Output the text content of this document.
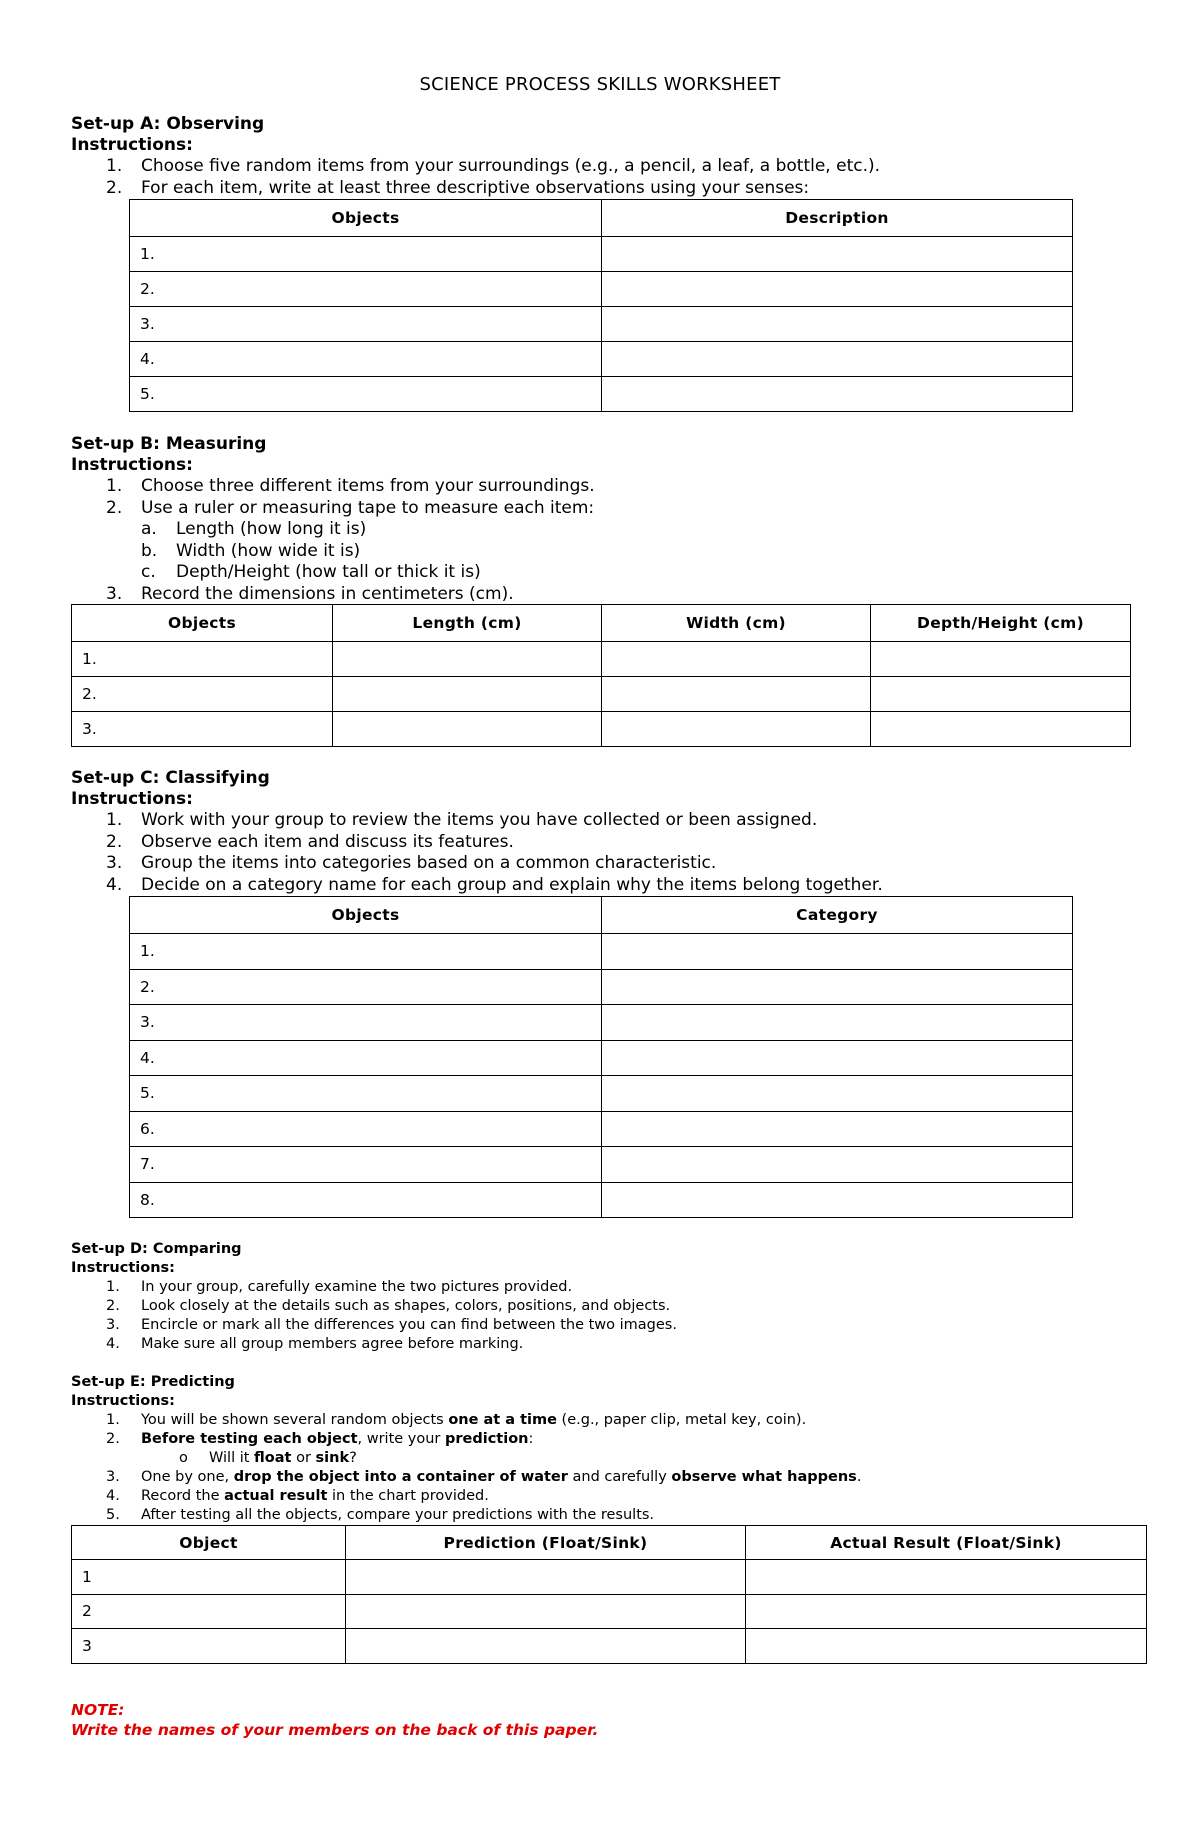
SCIENCE PROCESS SKILLS WORKSHEET
Set-up A: Observing
Instructions:
1. Choose five random items from your surroundings (e.g., a pencil, a leaf, a bottle, etc.).
2. For each item, write at least three descriptive observations using your senses:
Objects	Description
1.	
2.	
3.	
4.	
5.	
Set-up B: Measuring
Instructions:
1. Choose three different items from your surroundings.
2. Use a ruler or measuring tape to measure each item:
a. Length (how long it is)
b. Width (how wide it is)
c. Depth/Height (how tall or thick it is)
3. Record the dimensions in centimeters (cm).
Objects	Length (cm)	Width (cm)	Depth/Height (cm)
1.			
2.			
3.			
Set-up C: Classifying
Instructions:
1. Work with your group to review the items you have collected or been assigned.
2. Observe each item and discuss its features.
3. Group the items into categories based on a common characteristic.
4. Decide on a category name for each group and explain why the items belong together.
Objects	Category
1.	
2.	
3.	
4.	
5.	
6.	
7.	
8.	
Set-up D: Comparing
Instructions:
1. In your group, carefully examine the two pictures provided.
2. Look closely at the details such as shapes, colors, positions, and objects.
3. Encircle or mark all the differences you can find between the two images.
4. Make sure all group members agree before marking.
Set-up E: Predicting
Instructions:
1. You will be shown several random objects one at a time (e.g., paper clip, metal key, coin).
2. Before testing each object, write your prediction:
o Will it float or sink?
3. One by one, drop the object into a container of water and carefully observe what happens.
4. Record the actual result in the chart provided.
5. After testing all the objects, compare your predictions with the results.
Object	Prediction (Float/Sink)	Actual Result (Float/Sink)
1		
2		
3		
NOTE:
Write the names of your members on the back of this paper.
